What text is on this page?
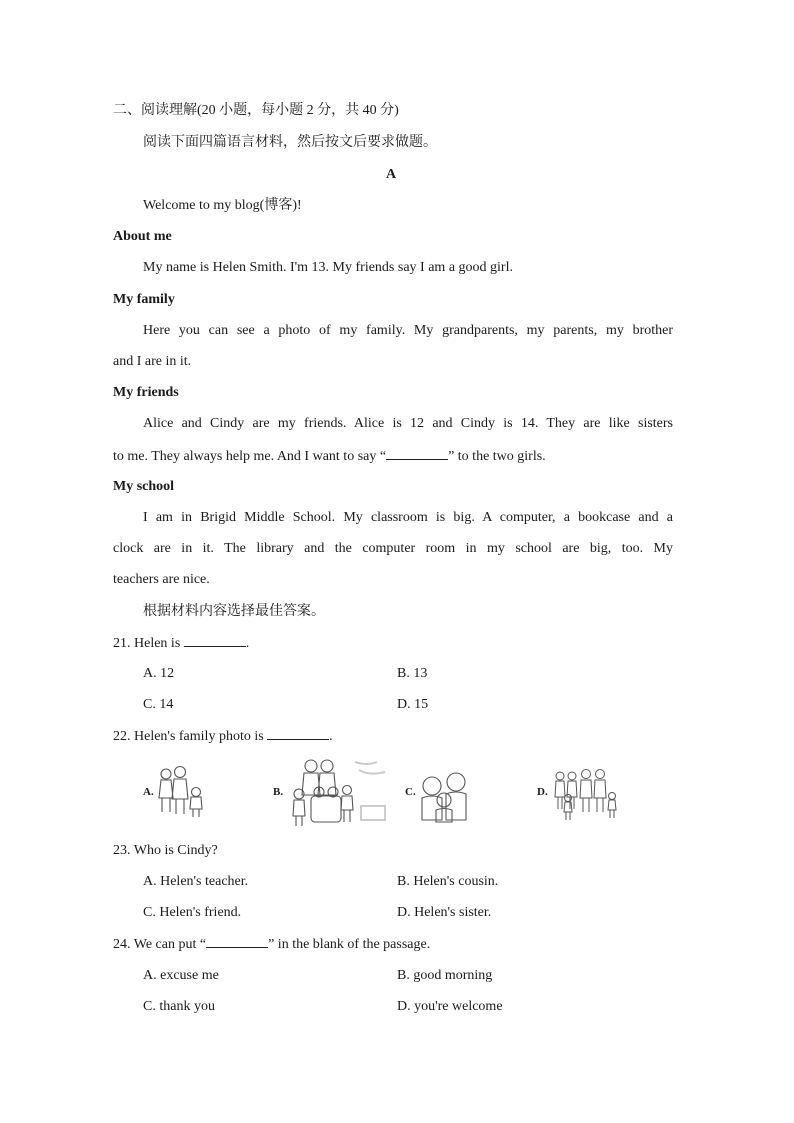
二、阅读理解(20 小题，每小题 2 分，共 40 分)
阅读下面四篇语言材料，然后按文后要求做题。
A
Welcome to my blog(博客)!
About me
My name is Helen Smith. I'm 13. My friends say I am a good girl.
My family
Here you can see a photo of my family. My grandparents, my parents, my brother
and I are in it.
My friends
Alice and Cindy are my friends. Alice is 12 and Cindy is 14. They are like sisters
to me. They always help me. And I want to say “	” to the two girls.
My school
I am in Brigid Middle School. My classroom is big. A computer, a bookcase and a
clock are in it. The library and the computer room in my school are big, too. My
teachers are nice.
根据材料内容选择最佳答案。
21. Helen is	.
A. 12	B. 13
C. 14	D. 15
22. Helen's family photo is	.
A.	B.	C.	D.
23. Who is Cindy?
A. Helen's teacher.	B. Helen's cousin.
C. Helen's friend.	D. Helen's sister.
24. We can put “	” in the blank of the passage.
A. excuse me	B. good morning
C. thank you	D. you're welcome
